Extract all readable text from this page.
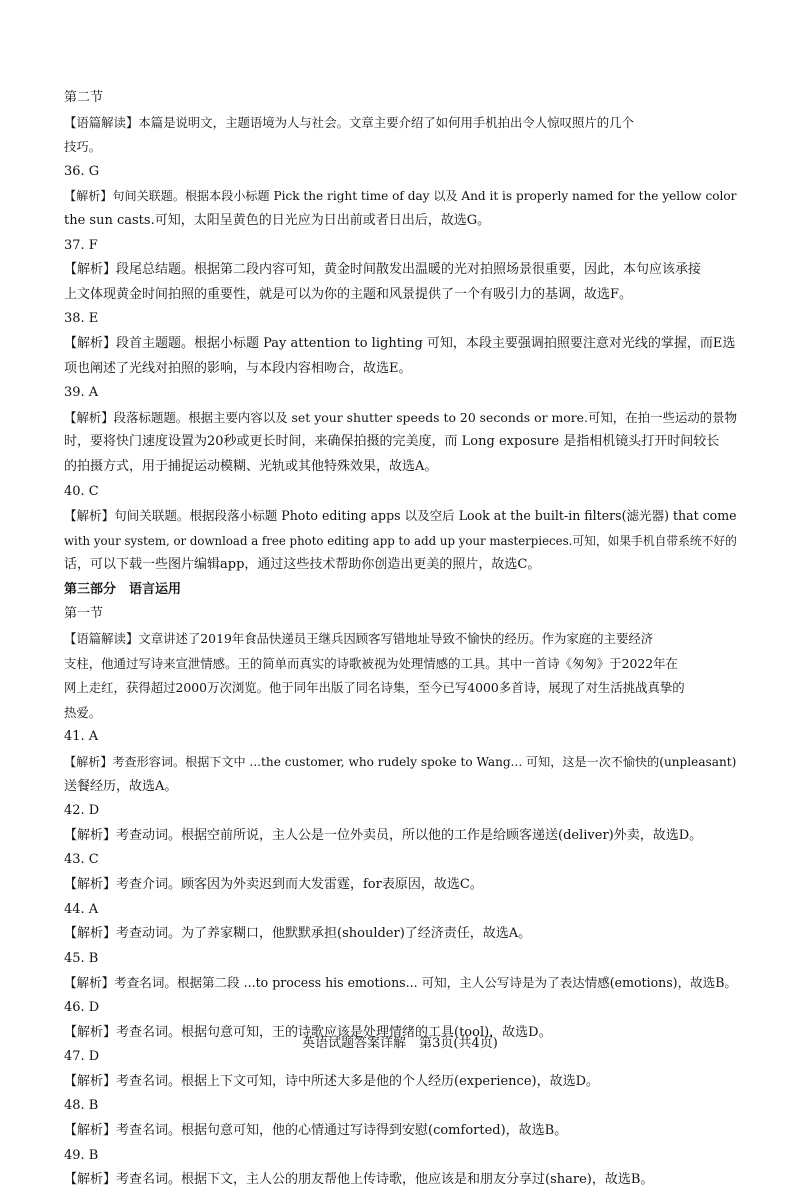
第二节
【语篇解读】本篇是说明文，主题语境为人与社会。文章主要介绍了如何用手机拍出令人惊叹照片的几个
技巧。
36. G
【解析】句间关联题。根据本段小标题 Pick the right time of day 以及 And it is properly named for the yellow color
the sun casts.可知，太阳呈黄色的日光应为日出前或者日出后，故选G。
37. F
【解析】段尾总结题。根据第二段内容可知，黄金时间散发出温暖的光对拍照场景很重要，因此，本句应该承接
上文体现黄金时间拍照的重要性，就是可以为你的主题和风景提供了一个有吸引力的基调，故选F。
38. E
【解析】段首主题题。根据小标题 Pay attention to lighting 可知，本段主要强调拍照要注意对光线的掌握，而E选
项也阐述了光线对拍照的影响，与本段内容相吻合，故选E。
39. A
【解析】段落标题题。根据主要内容以及 set your shutter speeds to 20 seconds or more.可知，在拍一些运动的景物
时，要将快门速度设置为20秒或更长时间，来确保拍摄的完美度，而 Long exposure 是指相机镜头打开时间较长
的拍摄方式，用于捕捉运动模糊、光轨或其他特殊效果，故选A。
40. C
【解析】句间关联题。根据段落小标题 Photo editing apps 以及空后 Look at the built-in filters(滤光器) that come
with your system, or download a free photo editing app to add up your masterpieces.可知，如果手机自带系统不好的
话，可以下载一些图片编辑app，通过这些技术帮助你创造出更美的照片，故选C。
第三部分　语言运用
第一节
【语篇解读】文章讲述了2019年食品快递员王继兵因顾客写错地址导致不愉快的经历。作为家庭的主要经济
支柱，他通过写诗来宣泄情感。王的简单而真实的诗歌被视为处理情感的工具。其中一首诗《匆匆》于2022年在
网上走红，获得超过2000万次浏览。他于同年出版了同名诗集，至今已写4000多首诗，展现了对生活挑战真挚的
热爱。
41. A
【解析】考查形容词。根据下文中 ...the customer, who rudely spoke to Wang... 可知，这是一次不愉快的(unpleasant)
送餐经历，故选A。
42. D
【解析】考查动词。根据空前所说，主人公是一位外卖员，所以他的工作是给顾客递送(deliver)外卖，故选D。
43. C
【解析】考查介词。顾客因为外卖迟到而大发雷霆，for表原因，故选C。
44. A
【解析】考查动词。为了养家糊口，他默默承担(shoulder)了经济责任，故选A。
45. B
【解析】考查名词。根据第二段 ...to process his emotions... 可知，主人公写诗是为了表达情感(emotions)，故选B。
46. D
【解析】考查名词。根据句意可知，王的诗歌应该是处理情绪的工具(tool)，故选D。
47. D
【解析】考查名词。根据上下文可知，诗中所述大多是他的个人经历(experience)，故选D。
48. B
【解析】考查名词。根据句意可知，他的心情通过写诗得到安慰(comforted)，故选B。
49. B
【解析】考查名词。根据下文，主人公的朋友帮他上传诗歌，他应该是和朋友分享过(share)，故选B。
英语试题答案详解　第3页(共4页)
